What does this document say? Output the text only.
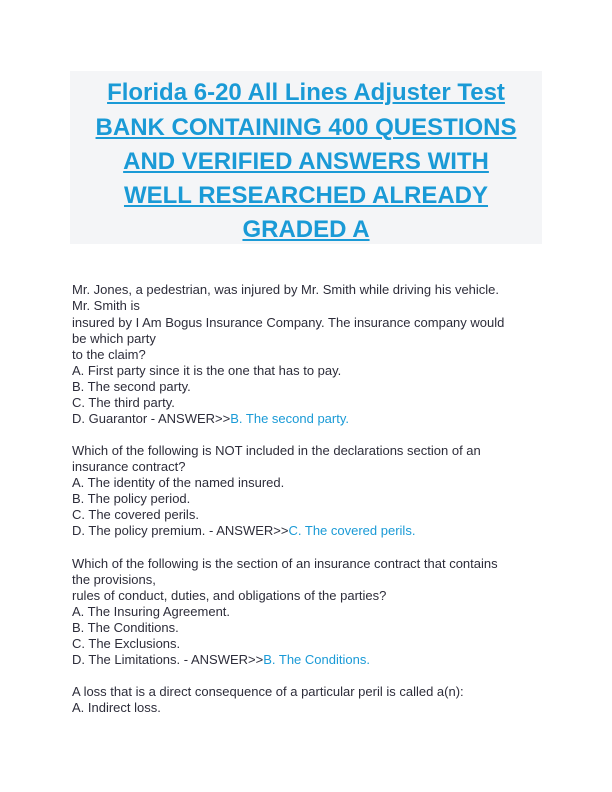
Florida 6-20 All Lines Adjuster Test
BANK CONTAINING 400 QUESTIONS
AND VERIFIED ANSWERS WITH
WELL RESEARCHED ALREADY
GRADED A
Mr. Jones, a pedestrian, was injured by Mr. Smith while driving his vehicle.
Mr. Smith is
insured by I Am Bogus Insurance Company. The insurance company would
be which party
to the claim?
A. First party since it is the one that has to pay.
B. The second party.
C. The third party.
D. Guarantor - ANSWER>>B. The second party.
Which of the following is NOT included in the declarations section of an
insurance contract?
A. The identity of the named insured.
B. The policy period.
C. The covered perils.
D. The policy premium. - ANSWER>>C. The covered perils.
Which of the following is the section of an insurance contract that contains
the provisions,
rules of conduct, duties, and obligations of the parties?
A. The Insuring Agreement.
B. The Conditions.
C. The Exclusions.
D. The Limitations. - ANSWER>>B. The Conditions.
A loss that is a direct consequence of a particular peril is called a(n):
A. Indirect loss.
